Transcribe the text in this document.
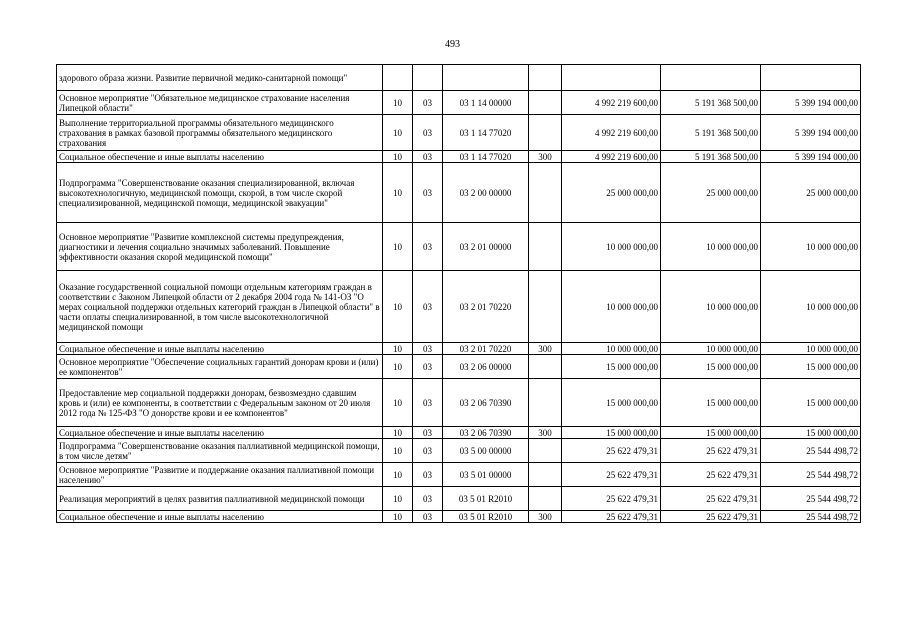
493
здорового образа жизни. Развитие первичной медико-санитарной помощи"							
Основное мероприятие "Обязательное медицинское страхование населения Липецкой области"	10	03	03 1 14 00000		4 992 219 600,00	5 191 368 500,00	5 399 194 000,00
Выполнение территориальной программы обязательного медицинского страхования в рамках базовой программы обязательного медицинского страхования	10	03	03 1 14 77020		4 992 219 600,00	5 191 368 500,00	5 399 194 000,00
Социальное обеспечение и иные выплаты населению	10	03	03 1 14 77020	300	4 992 219 600,00	5 191 368 500,00	5 399 194 000,00
Подпрограмма "Совершенствование оказания специализированной, включая высокотехнологичную, медицинской помощи, скорой, в том числе скорой специализированной, медицинской помощи, медицинской эвакуации"	10	03	03 2 00 00000		25 000 000,00	25 000 000,00	25 000 000,00
Основное мероприятие "Развитие комплексной системы предупреждения, диагностики и лечения социально значимых заболеваний. Повышение эффективности оказания скорой медицинской помощи"	10	03	03 2 01 00000		10 000 000,00	10 000 000,00	10 000 000,00
Оказание государственной социальной помощи отдельным категориям граждан в соответствии с Законом Липецкой области от 2 декабря 2004 года № 141-ОЗ "О мерах социальной поддержки отдельных категорий граждан в Липецкой области" в части оплаты специализированной, в том числе высокотехнологичной медицинской помощи	10	03	03 2 01 70220		10 000 000,00	10 000 000,00	10 000 000,00
Социальное обеспечение и иные выплаты населению	10	03	03 2 01 70220	300	10 000 000,00	10 000 000,00	10 000 000,00
Основное мероприятие "Обеспечение социальных гарантий донорам крови и (или) ее компонентов"	10	03	03 2 06 00000		15 000 000,00	15 000 000,00	15 000 000,00
Предоставление мер социальной поддержки донорам, безвозмездно сдавшим кровь и (или) ее компоненты, в соответствии с Федеральным законом от 20 июля 2012 года № 125-ФЗ "О донорстве крови и ее компонентов"	10	03	03 2 06 70390		15 000 000,00	15 000 000,00	15 000 000,00
Социальное обеспечение и иные выплаты населению	10	03	03 2 06 70390	300	15 000 000,00	15 000 000,00	15 000 000,00
Подпрограмма "Совершенствование оказания паллиативной медицинской помощи, в том числе детям"	10	03	03 5 00 00000		25 622 479,31	25 622 479,31	25 544 498,72
Основное мероприятие "Развитие и поддержание оказания паллиативной помощи населению"	10	03	03 5 01 00000		25 622 479,31	25 622 479,31	25 544 498,72
Реализация мероприятий в целях развития паллиативной медицинской помощи	10	03	03 5 01 R2010		25 622 479,31	25 622 479,31	25 544 498,72
Социальное обеспечение и иные выплаты населению	10	03	03 5 01 R2010	300	25 622 479,31	25 622 479,31	25 544 498,72
